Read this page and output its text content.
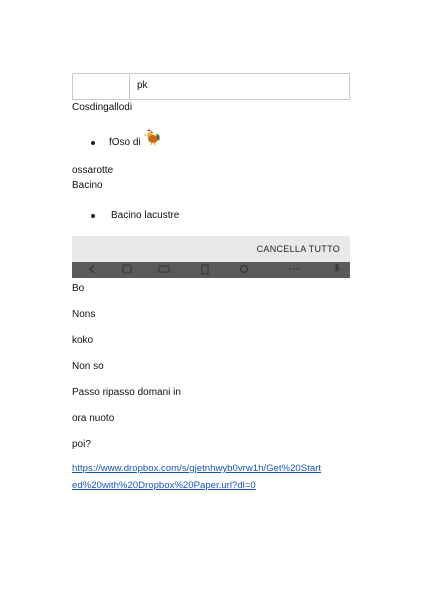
pk
Cosdingallodi
fOso di
ossarotte
Bacino
Bacino lacustre
CANCELLA TUTTO
Bo
Nons
koko
Non so
Passo ripasso domani in
ora nuoto
poi?
https://www.dropbox.com/s/gjetnhwyb0vrw1h/Get%20Start
ed%20with%20Dropbox%20Paper.url?dl=0
